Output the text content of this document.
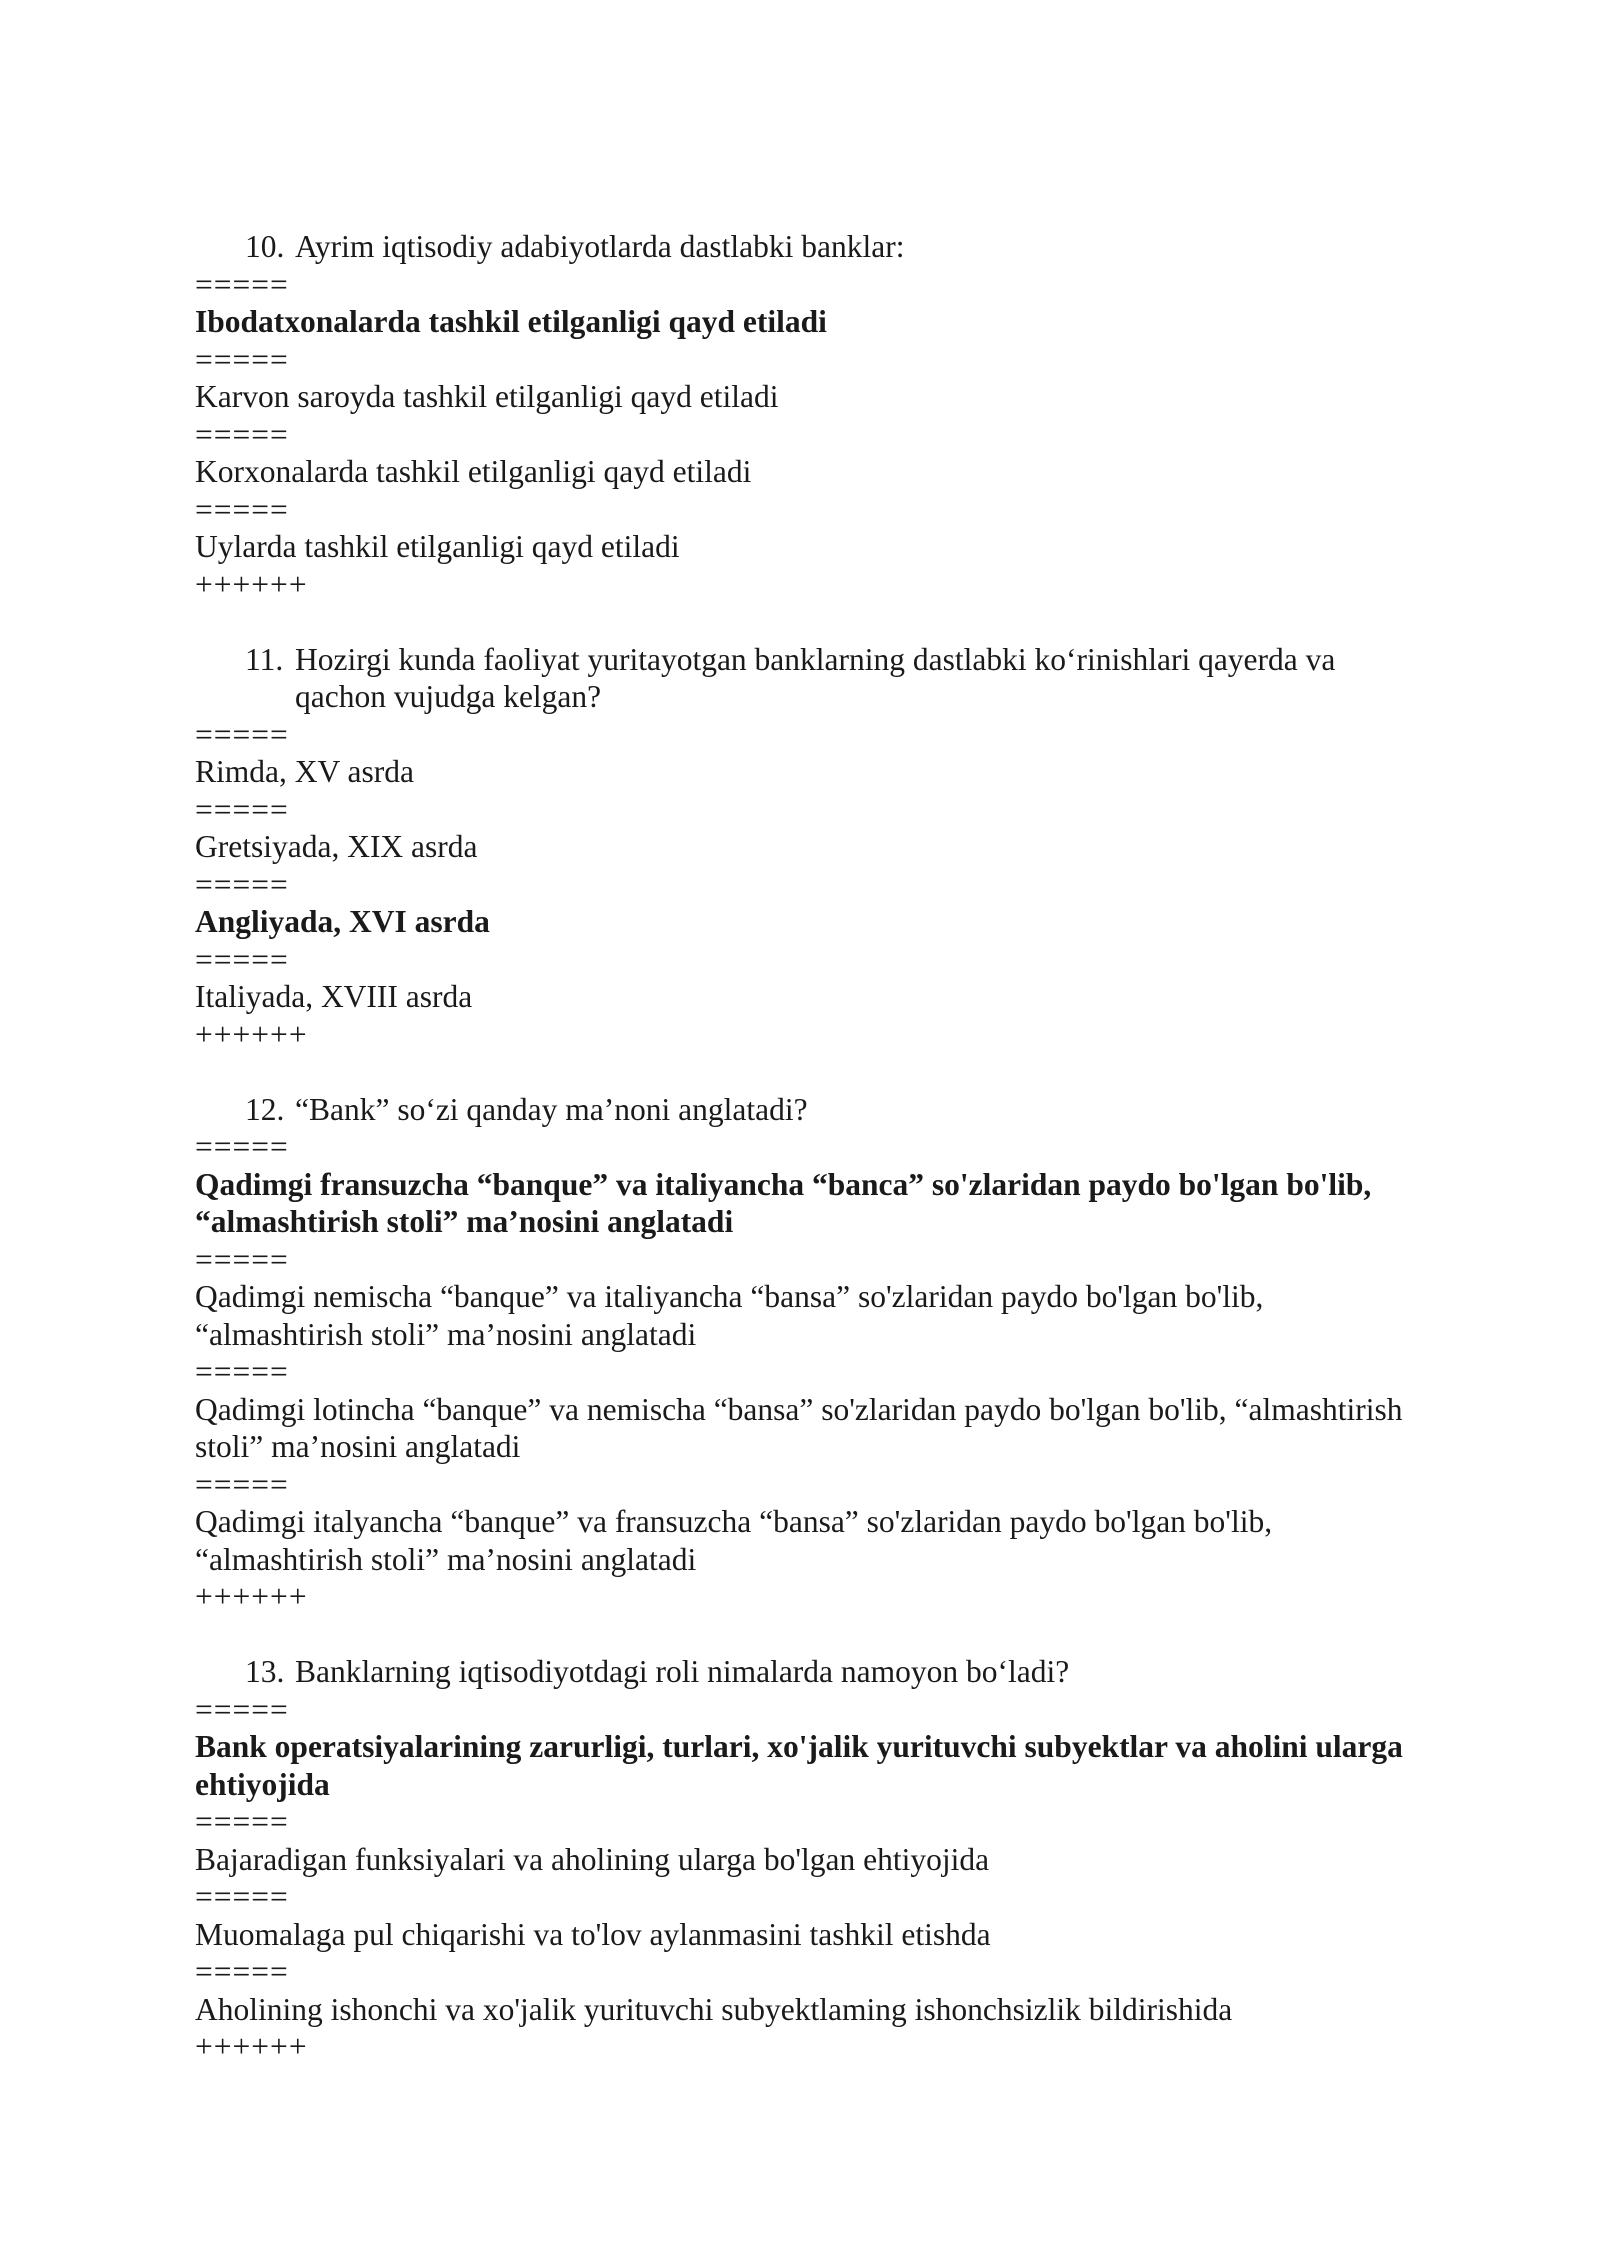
10. Ayrim iqtisodiy adabiyotlarda dastlabki banklar:
=====
Ibodatxonalarda tashkil etilganligi qayd etiladi
=====
Karvon saroyda tashkil etilganligi qayd etiladi
=====
Korxonalarda tashkil etilganligi qayd etiladi
=====
Uylarda tashkil etilganligi qayd etiladi
++++++
11. Hozirgi kunda faoliyat yuritayotgan banklarning dastlabki ko‘rinishlari qayerda va qachon vujudga kelgan?
=====
Rimda, XV asrda
=====
Gretsiyada, XIX asrda
=====
Angliyada, XVI asrda
=====
Italiyada, XVIII asrda
++++++
12. “Bank” so‘zi qanday ma’noni anglatadi?
=====
Qadimgi fransuzcha “banque” va italiyancha “banca” so'zlaridan paydo bo'lgan bo'lib, “almashtirish stoli” ma’nosini anglatadi
=====
Qadimgi nemischa “banque” va italiyancha “bansa” so'zlaridan paydo bo'lgan bo'lib, “almashtirish stoli” ma’nosini anglatadi
=====
Qadimgi lotincha “banque” va nemischa “bansa” so'zlaridan paydo bo'lgan bo'lib, “almashtirish stoli” ma’nosini anglatadi
=====
Qadimgi italyancha “banque” va fransuzcha “bansa” so'zlaridan paydo bo'lgan bo'lib, “almashtirish stoli” ma’nosini anglatadi
++++++
13. Banklarning iqtisodiyotdagi roli nimalarda namoyon bo‘ladi?
=====
Bank operatsiyalarining zarurligi, turlari, xo'jalik yurituvchi subyektlar va aholini ularga ehtiyojida
=====
Bajaradigan funksiyalari va aholining ularga bo'lgan ehtiyojida
=====
Muomalaga pul chiqarishi va to'lov aylanmasini tashkil etishda
=====
Aholining ishonchi va xo'jalik yurituvchi subyektlaming ishonchsizlik bildirishida
++++++
